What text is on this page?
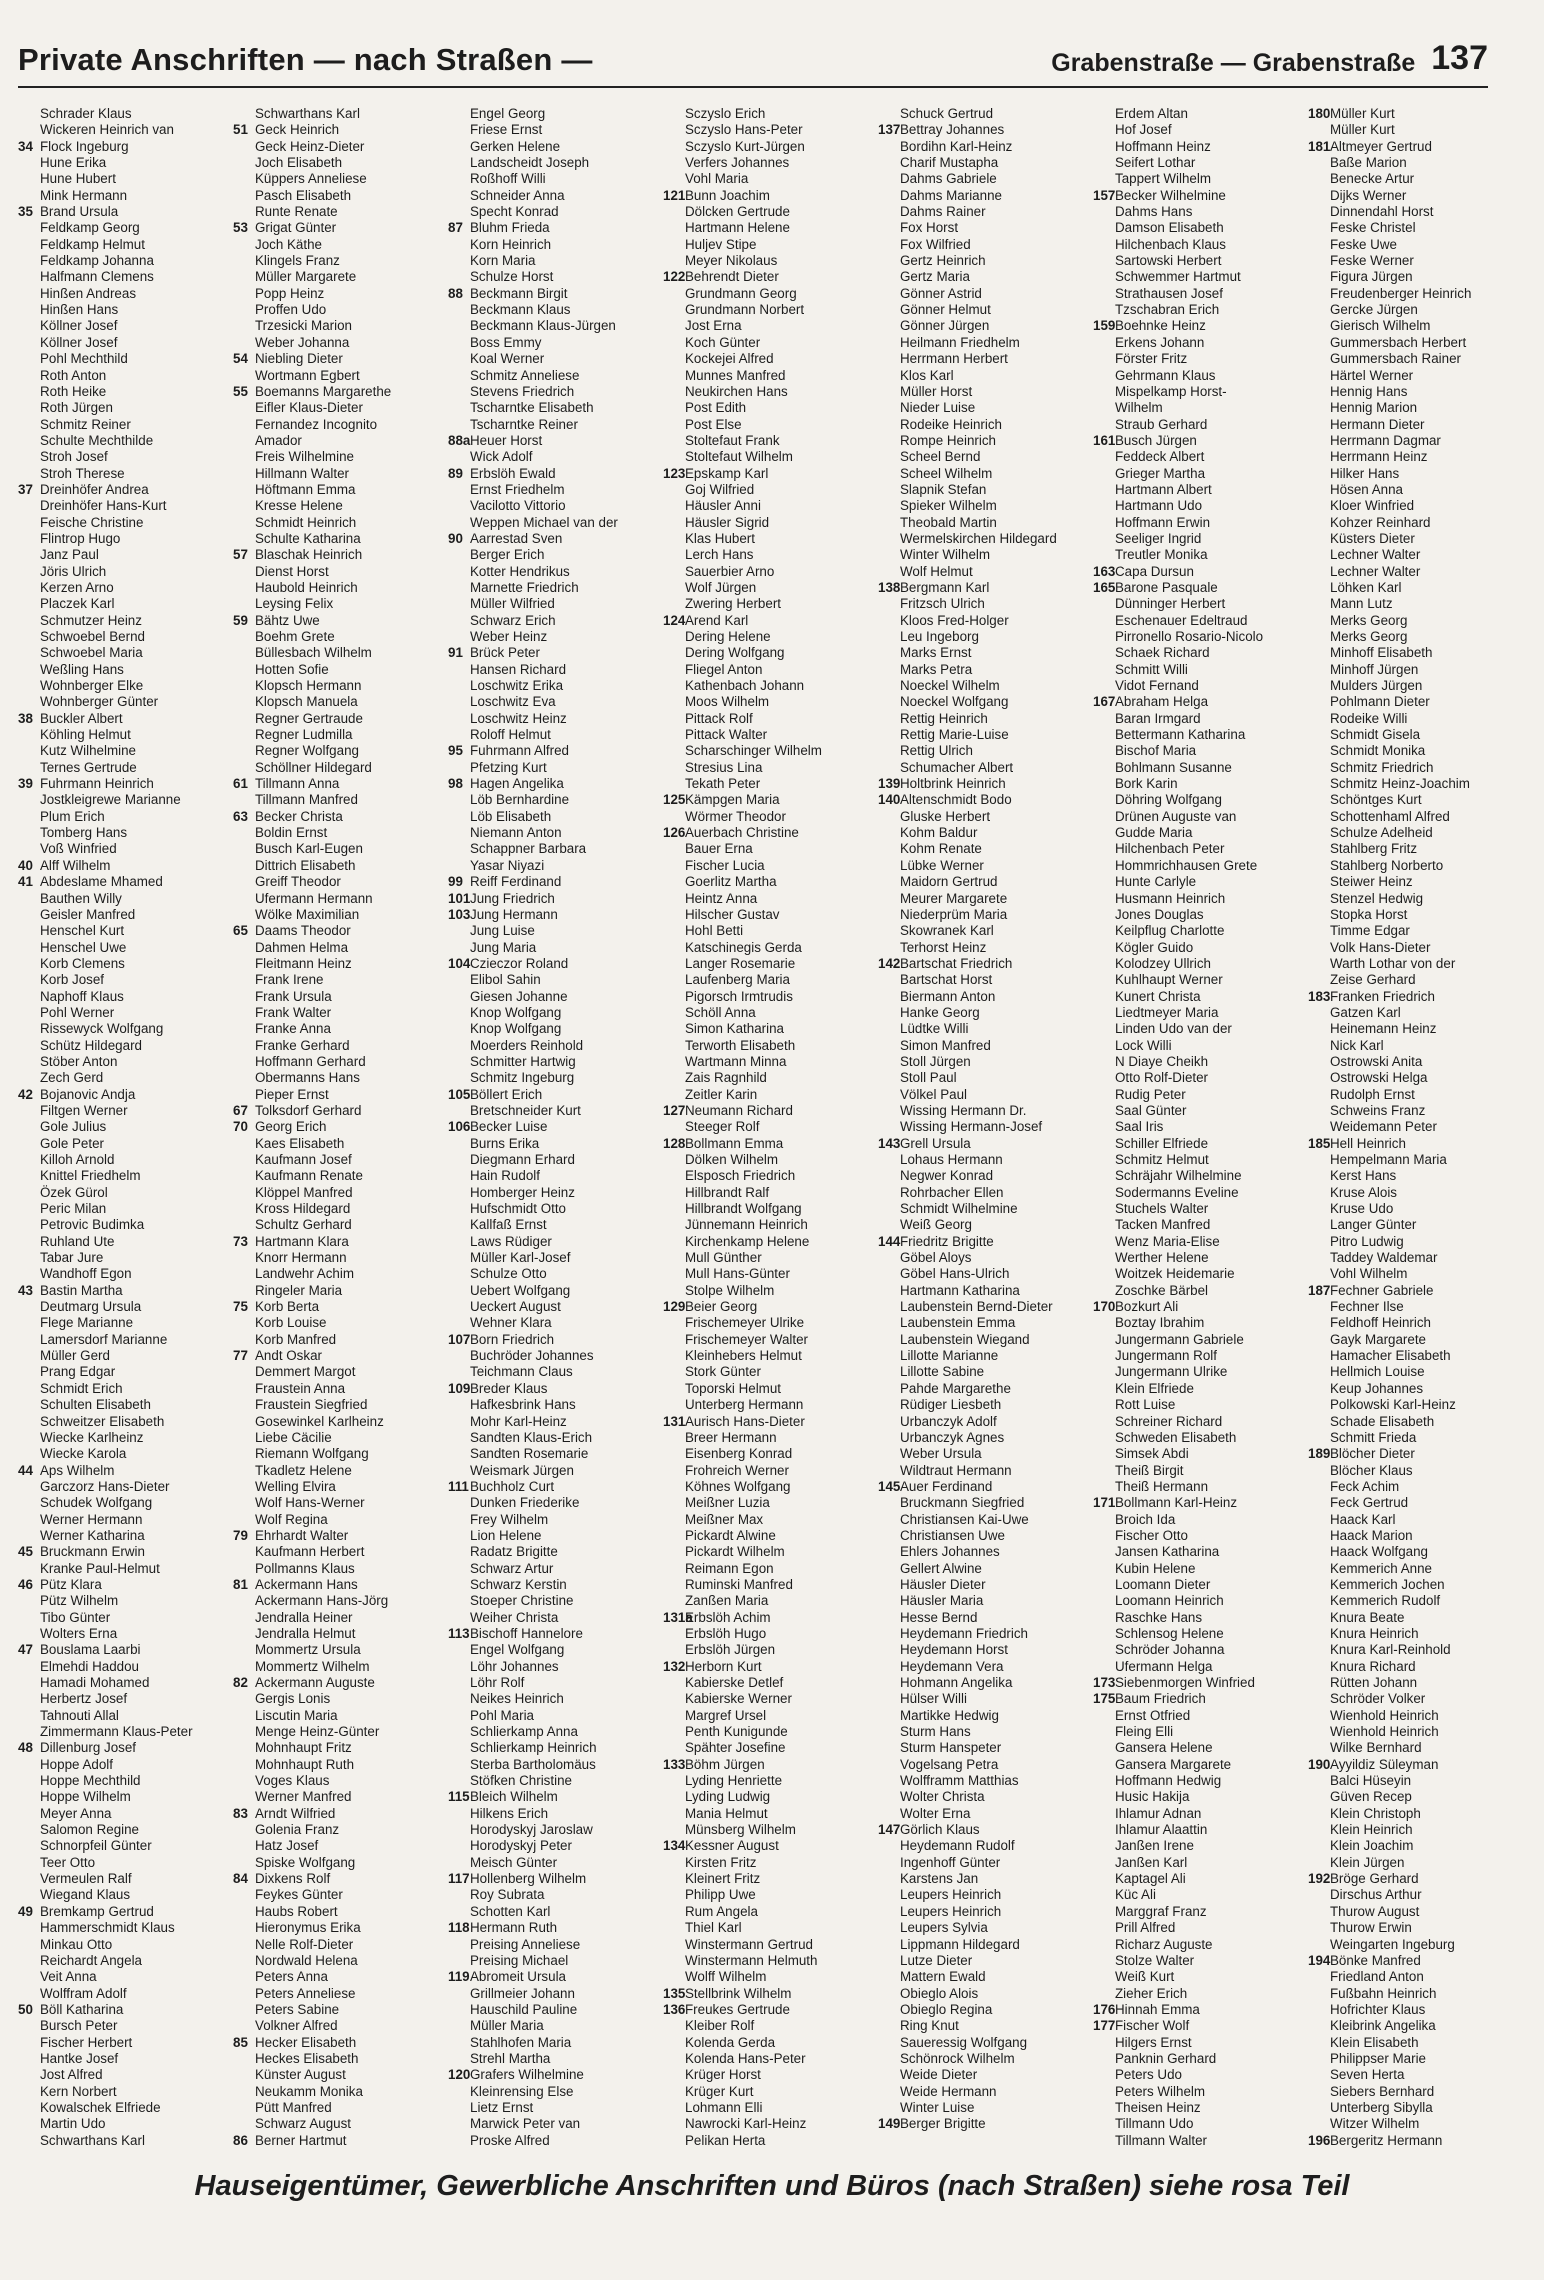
Private Anschriften — nach Straßen —	Grabenstraße — Grabenstraße 137
Schrader Klaus
Wickeren Heinrich van
34 Flock Ingeburg
Hune Erika
Hune Hubert
Mink Hermann
35 Brand Ursula
Feldkamp Georg
Feldkamp Helmut
Feldkamp Johanna
Halfmann Clemens
Hinßen Andreas
Hinßen Hans
Köllner Josef
Köllner Josef
Pohl Mechthild
Roth Anton
Roth Heike
Roth Jürgen
Schmitz Reiner
Schulte Mechthilde
Stroh Josef
Stroh Therese
37 Dreinhöfer Andrea
Dreinhöfer Hans-Kurt
Feische Christine
Flintrop Hugo
Janz Paul
Jöris Ulrich
Kerzen Arno
Placzek Karl
Schmutzer Heinz
Schwoebel Bernd
Schwoebel Maria
Weßling Hans
Wohnberger Elke
Wohnberger Günter
38 Buckler Albert
Köhling Helmut
Kutz Wilhelmine
Ternes Gertrude
39 Fuhrmann Heinrich
Jostkleigrewe Marianne
Plum Erich
Tomberg Hans
Voß Winfried
40 Alff Wilhelm
41 Abdeslame Mhamed
Bauthen Willy
Geisler Manfred
Henschel Kurt
Henschel Uwe
Korb Clemens
Korb Josef
Naphoff Klaus
Pohl Werner
Rissewyck Wolfgang
Schütz Hildegard
Stöber Anton
Zech Gerd
42 Bojanovic Andja
Filtgen Werner
Gole Julius
Gole Peter
Killoh Arnold
Knittel Friedhelm
Özek Gürol
Peric Milan
Petrovic Budimka
Ruhland Ute
Tabar Jure
Wandhoff Egon
43 Bastin Martha
Deutmarg Ursula
Flege Marianne
Lamersdorf Marianne
Müller Gerd
Prang Edgar
Schmidt Erich
Schulten Elisabeth
Schweitzer Elisabeth
Wiecke Karlheinz
Wiecke Karola
44 Aps Wilhelm
Garczorz Hans-Dieter
Schudek Wolfgang
Werner Hermann
Werner Katharina
45 Bruckmann Erwin
Kranke Paul-Helmut
46 Pütz Klara
Pütz Wilhelm
Tibo Günter
Wolters Erna
47 Bouslama Laarbi
Elmehdi Haddou
Hamadi Mohamed
Herbertz Josef
Tahnouti Allal
Zimmermann Klaus-Peter
48 Dillenburg Josef
Hoppe Adolf
Hoppe Mechthild
Hoppe Wilhelm
Meyer Anna
Salomon Regine
Schnorpfeil Günter
Teer Otto
Vermeulen Ralf
Wiegand Klaus
49 Bremkamp Gertrud
Hammerschmidt Klaus
Minkau Otto
Reichardt Angela
Veit Anna
Wolffram Adolf
50 Böll Katharina
Bursch Peter
Fischer Herbert
Hantke Josef
Jost Alfred
Kern Norbert
Kowalschek Elfriede
Martin Udo
Schwarthans Karl
Schwarthans Karl
51 Geck Heinrich
Geck Heinz-Dieter
Joch Elisabeth
Küppers Anneliese
Pasch Elisabeth
Runte Renate
53 Grigat Günter
Joch Käthe
Klingels Franz
Müller Margarete
Popp Heinz
Proffen Udo
Trzesicki Marion
Weber Johanna
54 Niebling Dieter
Wortmann Egbert
55 Boemanns Margarethe
Eifler Klaus-Dieter
Fernandez Incognito
Amador
Freis Wilhelmine
Hillmann Walter
Höftmann Emma
Kresse Helene
Schmidt Heinrich
Schulte Katharina
57 Blaschak Heinrich
Dienst Horst
Haubold Heinrich
Leysing Felix
59 Bähtz Uwe
Boehm Grete
Büllesbach Wilhelm
Hotten Sofie
Klopsch Hermann
Klopsch Manuela
Regner Gertraude
Regner Ludmilla
Regner Wolfgang
Schöllner Hildegard
61 Tillmann Anna
Tillmann Manfred
63 Becker Christa
Boldin Ernst
Busch Karl-Eugen
Dittrich Elisabeth
Greiff Theodor
Ufermann Hermann
Wölke Maximilian
65 Daams Theodor
Dahmen Helma
Fleitmann Heinz
Frank Irene
Frank Ursula
Frank Walter
Franke Anna
Franke Gerhard
Hoffmann Gerhard
Obermanns Hans
Pieper Ernst
67 Tolksdorf Gerhard
70 Georg Erich
Kaes Elisabeth
Kaufmann Josef
Kaufmann Renate
Klöppel Manfred
Kross Hildegard
Schultz Gerhard
73 Hartmann Klara
Knorr Hermann
Landwehr Achim
Ringeler Maria
75 Korb Berta
Korb Louise
Korb Manfred
77 Andt Oskar
Demmert Margot
Fraustein Anna
Fraustein Siegfried
Gosewinkel Karlheinz
Liebe Cäcilie
Riemann Wolfgang
Tkadletz Helene
Welling Elvira
Wolf Hans-Werner
Wolf Regina
79 Ehrhardt Walter
Kaufmann Herbert
Pollmanns Klaus
81 Ackermann Hans
Ackermann Hans-Jörg
Jendralla Heiner
Jendralla Helmut
Mommertz Ursula
Mommertz Wilhelm
82 Ackermann Auguste
Gergis Lonis
Liscutin Maria
Menge Heinz-Günter
Mohnhaupt Fritz
Mohnhaupt Ruth
Voges Klaus
Werner Manfred
83 Arndt Wilfried
Golenia Franz
Hatz Josef
Spiske Wolfgang
84 Dixkens Rolf
Feykes Günter
Haubs Robert
Hieronymus Erika
Nelle Rolf-Dieter
Nordwald Helena
Peters Anna
Peters Anneliese
Peters Sabine
Volkner Alfred
85 Hecker Elisabeth
Heckes Elisabeth
Künster August
Neukamm Monika
Pütt Manfred
Schwarz August
86 Berner Hartmut
Engel Georg
Friese Ernst
Gerken Helene
Landscheidt Joseph
Roßhoff Willi
Schneider Anna
Specht Konrad
87 Bluhm Frieda
Korn Heinrich
Korn Maria
Schulze Horst
88 Beckmann Birgit
Beckmann Klaus
Beckmann Klaus-Jürgen
Boss Emmy
Koal Werner
Schmitz Anneliese
Stevens Friedrich
Tscharntke Elisabeth
Tscharntke Reiner
88aHeuer Horst
Wick Adolf
89 Erbslöh Ewald
Ernst Friedhelm
Vacilotto Vittorio
Weppen Michael van der
90 Aarrestad Sven
Berger Erich
Kotter Hendrikus
Marnette Friedrich
Müller Wilfried
Schwarz Erich
Weber Heinz
91 Brück Peter
Hansen Richard
Loschwitz Erika
Loschwitz Eva
Loschwitz Heinz
Roloff Helmut
95 Fuhrmann Alfred
Pfetzing Kurt
98 Hagen Angelika
Löb Bernhardine
Löb Elisabeth
Niemann Anton
Schappner Barbara
Yasar Niyazi
99 Reiff Ferdinand
101Jung Friedrich
103Jung Hermann
Jung Luise
Jung Maria
104Czieczor Roland
Elibol Sahin
Giesen Johanne
Knop Wolfgang
Knop Wolfgang
Moerders Reinhold
Schmitter Hartwig
Schmitz Ingeburg
105Böllert Erich
Bretschneider Kurt
106Becker Luise
Burns Erika
Diegmann Erhard
Hain Rudolf
Homberger Heinz
Hufschmidt Otto
Kallfaß Ernst
Laws Rüdiger
Müller Karl-Josef
Schulze Otto
Uebert Wolfgang
Ueckert August
Wehner Klara
107Born Friedrich
Buchröder Johannes
Teichmann Claus
109Breder Klaus
Hafkesbrink Hans
Mohr Karl-Heinz
Sandten Klaus-Erich
Sandten Rosemarie
Weismark Jürgen
111Buchholz Curt
Dunken Friederike
Frey Wilhelm
Lion Helene
Radatz Brigitte
Schwarz Artur
Schwarz Kerstin
Stoeper Christine
Weiher Christa
113Bischoff Hannelore
Engel Wolfgang
Löhr Johannes
Löhr Rolf
Neikes Heinrich
Pohl Maria
Schlierkamp Anna
Schlierkamp Heinrich
Sterba Bartholomäus
Stöfken Christine
115Bleich Wilhelm
Hilkens Erich
Horodyskyj Jaroslaw
Horodyskyj Peter
Meisch Günter
117Hollenberg Wilhelm
Roy Subrata
Schotten Karl
118Hermann Ruth
Preising Anneliese
Preising Michael
119Abromeit Ursula
Grillmeier Johann
Hauschild Pauline
Müller Maria
Stahlhofen Maria
Strehl Martha
120Grafers Wilhelmine
Kleinrensing Else
Lietz Ernst
Marwick Peter van
Proske Alfred
Sczyslo Erich
Sczyslo Hans-Peter
Sczyslo Kurt-Jürgen
Verfers Johannes
Vohl Maria
121Bunn Joachim
Dölcken Gertrude
Hartmann Helene
Huljev Stipe
Meyer Nikolaus
122Behrendt Dieter
Grundmann Georg
Grundmann Norbert
Jost Erna
Koch Günter
Kockejei Alfred
Munnes Manfred
Neukirchen Hans
Post Edith
Post Else
Stoltefaut Frank
Stoltefaut Wilhelm
123Epskamp Karl
Goj Wilfried
Häusler Anni
Häusler Sigrid
Klas Hubert
Lerch Hans
Sauerbier Arno
Wolf Jürgen
Zwering Herbert
124Arend Karl
Dering Helene
Dering Wolfgang
Fliegel Anton
Kathenbach Johann
Moos Wilhelm
Pittack Rolf
Pittack Walter
Scharschinger Wilhelm
Stresius Lina
Tekath Peter
125Kämpgen Maria
Wörmer Theodor
126Auerbach Christine
Bauer Erna
Fischer Lucia
Goerlitz Martha
Heintz Anna
Hilscher Gustav
Hohl Betti
Katschinegis Gerda
Langer Rosemarie
Laufenberg Maria
Pigorsch Irmtrudis
Schöll Anna
Simon Katharina
Terworth Elisabeth
Wartmann Minna
Zais Ragnhild
Zeitler Karin
127Neumann Richard
Steeger Rolf
128Bollmann Emma
Dölken Wilhelm
Elsposch Friedrich
Hillbrandt Ralf
Hillbrandt Wolfgang
Jünnemann Heinrich
Kirchenkamp Helene
Mull Günther
Mull Hans-Günter
Stolpe Wilhelm
129Beier Georg
Frischemeyer Ulrike
Frischemeyer Walter
Kleinhebers Helmut
Stork Günter
Toporski Helmut
Unterberg Hermann
131Aurisch Hans-Dieter
Breer Hermann
Eisenberg Konrad
Frohreich Werner
Köhnes Wolfgang
Meißner Luzia
Meißner Max
Pickardt Alwine
Pickardt Wilhelm
Reimann Egon
Ruminski Manfred
Zanßen Maria
131aErbslöh Achim
Erbslöh Hugo
Erbslöh Jürgen
132Herborn Kurt
Kabierske Detlef
Kabierske Werner
Margref Ursel
Penth Kunigunde
Spähter Josefine
133Böhm Jürgen
Lyding Henriette
Lyding Ludwig
Mania Helmut
Münsberg Wilhelm
134Kessner August
Kirsten Fritz
Kleinert Fritz
Philipp Uwe
Rum Angela
Thiel Karl
Winstermann Gertrud
Winstermann Helmuth
Wolff Wilhelm
135Stellbrink Wilhelm
136Freukes Gertrude
Kleiber Rolf
Kolenda Gerda
Kolenda Hans-Peter
Krüger Horst
Krüger Kurt
Lohmann Elli
Nawrocki Karl-Heinz
Pelikan Herta
Schuck Gertrud
137Bettray Johannes
Bordihn Karl-Heinz
Charif Mustapha
Dahms Gabriele
Dahms Marianne
Dahms Rainer
Fox Horst
Fox Wilfried
Gertz Heinrich
Gertz Maria
Gönner Astrid
Gönner Helmut
Gönner Jürgen
Heilmann Friedhelm
Herrmann Herbert
Klos Karl
Müller Horst
Nieder Luise
Rodeike Heinrich
Rompe Heinrich
Scheel Bernd
Scheel Wilhelm
Slapnik Stefan
Spieker Wilhelm
Theobald Martin
Wermelskirchen Hildegard
Winter Wilhelm
Wolf Helmut
138Bergmann Karl
Fritzsch Ulrich
Kloos Fred-Holger
Leu Ingeborg
Marks Ernst
Marks Petra
Noeckel Wilhelm
Noeckel Wolfgang
Rettig Heinrich
Rettig Marie-Luise
Rettig Ulrich
Schumacher Albert
139Holtbrink Heinrich
140Altenschmidt Bodo
Gluske Herbert
Kohm Baldur
Kohm Renate
Lübke Werner
Maidorn Gertrud
Meurer Margarete
Niederprüm Maria
Skowranek Karl
Terhorst Heinz
142Bartschat Friedrich
Bartschat Horst
Biermann Anton
Hanke Georg
Lüdtke Willi
Simon Manfred
Stoll Jürgen
Stoll Paul
Völkel Paul
Wissing Hermann Dr.
Wissing Hermann-Josef
143Grell Ursula
Lohaus Hermann
Negwer Konrad
Rohrbacher Ellen
Schmidt Wilhelmine
Weiß Georg
144Friedritz Brigitte
Göbel Aloys
Göbel Hans-Ulrich
Hartmann Katharina
Laubenstein Bernd-Dieter
Laubenstein Emma
Laubenstein Wiegand
Lillotte Marianne
Lillotte Sabine
Pahde Margarethe
Rüdiger Liesbeth
Urbanczyk Adolf
Urbanczyk Agnes
Weber Ursula
Wildtraut Hermann
145Auer Ferdinand
Bruckmann Siegfried
Christiansen Kai-Uwe
Christiansen Uwe
Ehlers Johannes
Gellert Alwine
Häusler Dieter
Häusler Maria
Hesse Bernd
Heydemann Friedrich
Heydemann Horst
Heydemann Vera
Hohmann Angelika
Hülser Willi
Martikke Hedwig
Sturm Hans
Sturm Hanspeter
Vogelsang Petra
Wolfframm Matthias
Wolter Christa
Wolter Erna
147Görlich Klaus
Heydemann Rudolf
Ingenhoff Günter
Karstens Jan
Leupers Heinrich
Leupers Heinrich
Leupers Sylvia
Lippmann Hildegard
Lutze Dieter
Mattern Ewald
Obieglo Alois
Obieglo Regina
Ring Knut
Saueressig Wolfgang
Schönrock Wilhelm
Weide Dieter
Weide Hermann
Winter Luise
149Berger Brigitte
Erdem Altan
Hof Josef
Hoffmann Heinz
Seifert Lothar
Tappert Wilhelm
157Becker Wilhelmine
Dahms Hans
Damson Elisabeth
Hilchenbach Klaus
Sartowski Herbert
Schwemmer Hartmut
Strathausen Josef
Tzschabran Erich
159Boehnke Heinz
Erkens Johann
Förster Fritz
Gehrmann Klaus
Mispelkamp Horst-
Wilhelm
Straub Gerhard
161Busch Jürgen
Feddeck Albert
Grieger Martha
Hartmann Albert
Hartmann Udo
Hoffmann Erwin
Seeliger Ingrid
Treutler Monika
163Capa Dursun
165Barone Pasquale
Dünninger Herbert
Eschenauer Edeltraud
Pirronello Rosario-Nicolo
Schaek Richard
Schmitt Willi
Vidot Fernand
167Abraham Helga
Baran Irmgard
Bettermann Katharina
Bischof Maria
Bohlmann Susanne
Bork Karin
Döhring Wolfgang
Drünen Auguste van
Gudde Maria
Hilchenbach Peter
Hommrichhausen Grete
Hunte Carlyle
Husmann Heinrich
Jones Douglas
Keilpflug Charlotte
Kögler Guido
Kolodzey Ullrich
Kuhlhaupt Werner
Kunert Christa
Liedtmeyer Maria
Linden Udo van der
Lock Willi
N Diaye Cheikh
Otto Rolf-Dieter
Rudig Peter
Saal Günter
Saal Iris
Schiller Elfriede
Schmitz Helmut
Schräjahr Wilhelmine
Sodermanns Eveline
Stuchels Walter
Tacken Manfred
Wenz Maria-Elise
Werther Helene
Woitzek Heidemarie
Zoschke Bärbel
170Bozkurt Ali
Boztay Ibrahim
Jungermann Gabriele
Jungermann Rolf
Jungermann Ulrike
Klein Elfriede
Rott Luise
Schreiner Richard
Schweden Elisabeth
Simsek Abdi
Theiß Birgit
Theiß Hermann
171Bollmann Karl-Heinz
Broich Ida
Fischer Otto
Jansen Katharina
Kubin Helene
Loomann Dieter
Loomann Heinrich
Raschke Hans
Schlensog Helene
Schröder Johanna
Ufermann Helga
173Siebenmorgen Winfried
175Baum Friedrich
Ernst Otfried
Fleing Elli
Gansera Helene
Gansera Margarete
Hoffmann Hedwig
Husic Hakija
Ihlamur Adnan
Ihlamur Alaattin
Janßen Irene
Janßen Karl
Kaptagel Ali
Küc Ali
Marggraf Franz
Prill Alfred
Richarz Auguste
Stolze Walter
Weiß Kurt
Zieher Erich
176Hinnah Emma
177Fischer Wolf
Hilgers Ernst
Panknin Gerhard
Peters Udo
Peters Wilhelm
Theisen Heinz
Tillmann Udo
Tillmann Walter
180Müller Kurt
Müller Kurt
181Altmeyer Gertrud
Baße Marion
Benecke Artur
Dijks Werner
Dinnendahl Horst
Feske Christel
Feske Uwe
Feske Werner
Figura Jürgen
Freudenberger Heinrich
Gercke Jürgen
Gierisch Wilhelm
Gummersbach Herbert
Gummersbach Rainer
Härtel Werner
Hennig Hans
Hennig Marion
Hermann Dieter
Herrmann Dagmar
Herrmann Heinz
Hilker Hans
Hösen Anna
Kloer Winfried
Kohzer Reinhard
Küsters Dieter
Lechner Walter
Lechner Walter
Löhken Karl
Mann Lutz
Merks Georg
Merks Georg
Minhoff Elisabeth
Minhoff Jürgen
Mulders Jürgen
Pohlmann Dieter
Rodeike Willi
Schmidt Gisela
Schmidt Monika
Schmitz Friedrich
Schmitz Heinz-Joachim
Schöntges Kurt
Schottenhaml Alfred
Schulze Adelheid
Stahlberg Fritz
Stahlberg Norberto
Steiwer Heinz
Stenzel Hedwig
Stopka Horst
Timme Edgar
Volk Hans-Dieter
Warth Lothar von der
Zeise Gerhard
183Franken Friedrich
Gatzen Karl
Heinemann Heinz
Nick Karl
Ostrowski Anita
Ostrowski Helga
Rudolph Ernst
Schweins Franz
Weidemann Peter
185Hell Heinrich
Hempelmann Maria
Kerst Hans
Kruse Alois
Kruse Udo
Langer Günter
Pitro Ludwig
Taddey Waldemar
Vohl Wilhelm
187Fechner Gabriele
Fechner Ilse
Feldhoff Heinrich
Gayk Margarete
Hamacher Elisabeth
Hellmich Louise
Keup Johannes
Polkowski Karl-Heinz
Schade Elisabeth
Schmitt Frieda
189Blöcher Dieter
Blöcher Klaus
Feck Achim
Feck Gertrud
Haack Karl
Haack Marion
Haack Wolfgang
Kemmerich Anne
Kemmerich Jochen
Kemmerich Rudolf
Knura Beate
Knura Heinrich
Knura Karl-Reinhold
Knura Richard
Rütten Johann
Schröder Volker
Wienhold Heinrich
Wienhold Heinrich
Wilke Bernhard
190Ayyildiz Süleyman
Balci Hüseyin
Güven Recep
Klein Christoph
Klein Heinrich
Klein Joachim
Klein Jürgen
192Bröge Gerhard
Dirschus Arthur
Thurow August
Thurow Erwin
Weingarten Ingeburg
194Bönke Manfred
Friedland Anton
Fußbahn Heinrich
Hofrichter Klaus
Kleibrink Angelika
Klein Elisabeth
Philippser Marie
Seven Herta
Siebers Bernhard
Unterberg Sibylla
Witzer Wilhelm
196Bergeritz Hermann
Hauseigentümer, Gewerbliche Anschriften und Büros (nach Straßen) siehe rosa Teil
